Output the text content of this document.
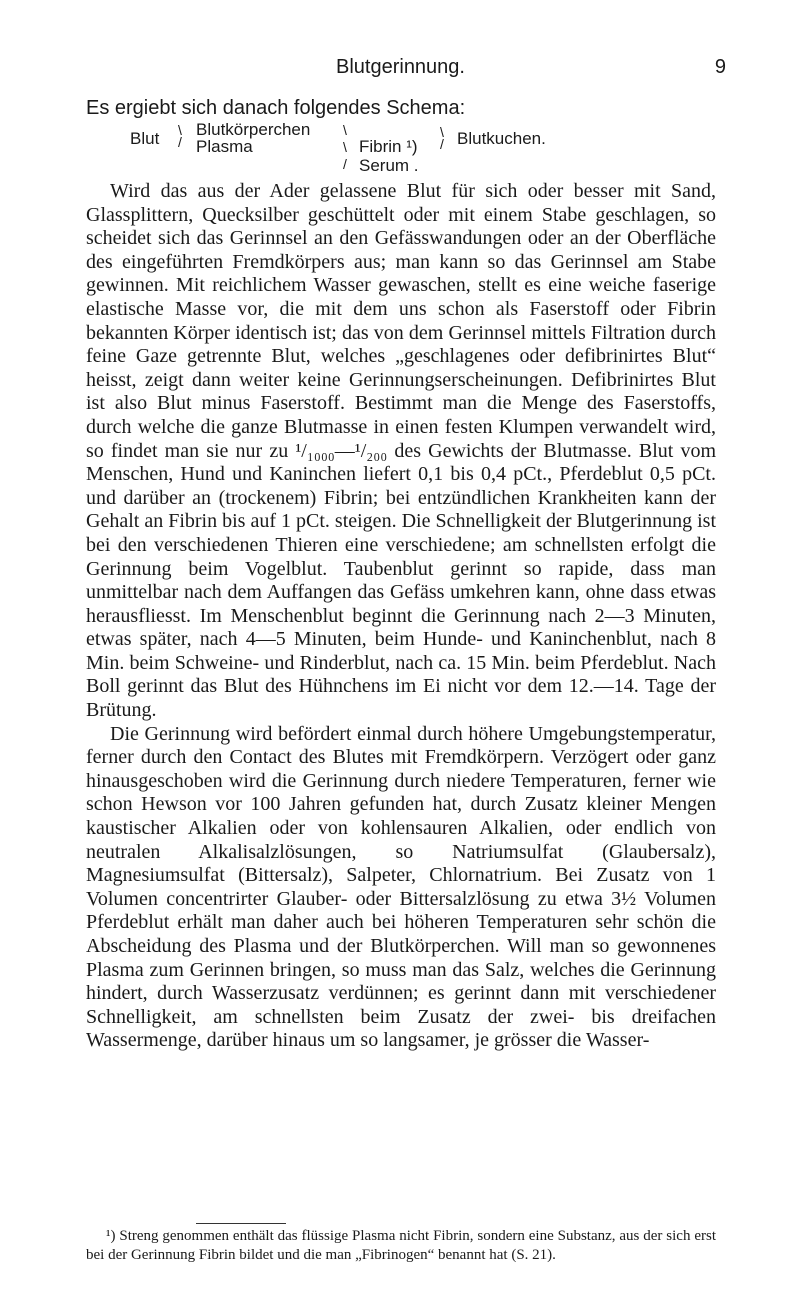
Blutgerinnung.	9
Es ergiebt sich danach folgendes Schema:
Blut \
/
Blutkörperchen
Plasma
\
\ Fibrin ¹)
\
/ Blutkuchen.
/ Serum .

Wird das aus der Ader gelassene Blut für sich oder besser mit Sand, Glassplittern, Quecksilber geschüttelt oder mit einem Stabe geschlagen, so scheidet sich das Gerinnsel an den Gefässwandungen oder an der Oberfläche des eingeführten Fremdkörpers aus; man kann so das Gerinnsel am Stabe gewinnen. Mit reichlichem Wasser gewaschen, stellt es eine weiche faserige elastische Masse vor, die mit dem uns schon als Faserstoff oder Fibrin bekannten Körper identisch ist; das von dem Gerinnsel mittels Filtration durch feine Gaze getrennte Blut, welches „geschlagenes oder defibrinirtes Blut“ heisst, zeigt dann weiter keine Gerinnungserscheinungen. Defibrinirtes Blut ist also Blut minus Faserstoff. Bestimmt man die Menge des Faserstoffs, durch welche die ganze Blutmasse in einen festen Klumpen verwandelt wird, so findet man sie nur zu ¹/₁₀₀₀—¹/₂₀₀ des Gewichts der Blutmasse. Blut vom Menschen, Hund und Kaninchen liefert 0,1 bis 0,4 pCt., Pferdeblut 0,5 pCt. und darüber an (trockenem) Fibrin; bei entzündlichen Krankheiten kann der Gehalt an Fibrin bis auf 1 pCt. steigen. Die Schnelligkeit der Blutgerinnung ist bei den verschiedenen Thieren eine verschiedene; am schnellsten erfolgt die Gerinnung beim Vogelblut. Taubenblut gerinnt so rapide, dass man unmittelbar nach dem Auffangen das Gefäss umkehren kann, ohne dass etwas herausfliesst. Im Menschenblut beginnt die Gerinnung nach 2—3 Minuten, etwas später, nach 4—5 Minuten, beim Hunde- und Kaninchenblut, nach 8 Min. beim Schweine- und Rinderblut, nach ca. 15 Min. beim Pferdeblut. Nach Boll gerinnt das Blut des Hühnchens im Ei nicht vor dem 12.—14. Tage der Brütung.

Die Gerinnung wird befördert einmal durch höhere Umgebungstemperatur, ferner durch den Contact des Blutes mit Fremdkörpern. Verzögert oder ganz hinausgeschoben wird die Gerinnung durch niedere Temperaturen, ferner wie schon Hewson vor 100 Jahren gefunden hat, durch Zusatz kleiner Mengen kaustischer Alkalien oder von kohlensauren Alkalien, oder endlich von neutralen Alkalisalzlösungen, so Natriumsulfat (Glaubersalz), Magnesiumsulfat (Bittersalz), Salpeter, Chlornatrium. Bei Zusatz von 1 Volumen concentrirter Glauber- oder Bittersalzlösung zu etwa 3½ Volumen Pferdeblut erhält man daher auch bei höheren Temperaturen sehr schön die Abscheidung des Plasma und der Blutkörperchen. Will man so gewonnenes Plasma zum Gerinnen bringen, so muss man das Salz, welches die Gerinnung hindert, durch Wasserzusatz verdünnen; es gerinnt dann mit verschiedener Schnelligkeit, am schnellsten beim Zusatz der zwei- bis dreifachen Wassermenge, darüber hinaus um so langsamer, je grösser die Wasser-

¹) Streng genommen enthält das flüssige Plasma nicht Fibrin, sondern eine Substanz, aus der sich erst bei der Gerinnung Fibrin bildet und die man „Fibrinogen“ benannt hat (S. 21).
